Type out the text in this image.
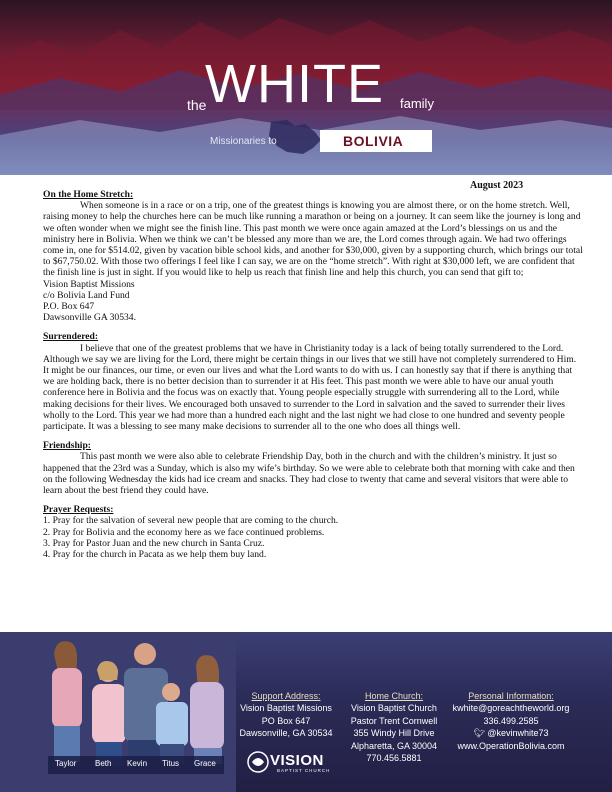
the
WHITE family
Missionaries to	BOLIVIA
August 2023

On the Home Stretch:

When someone is in a race or on a trip, one of the greatest things is knowing you are almost there, or on the home stretch. Well, raising money to help the churches here can be much like running a marathon or being on a journey. It can seem like the journey is long and we often wonder when we might see the finish line. This past month we were once again amazed at the Lord’s blessings on us and the ministry here in Bolivia. When we think we can’t be blessed any more than we are, the Lord comes through again. We had two offerings come in, one for $514.02, given by vacation bible school kids, and another for $30,000, given by a supporting church, which brings our total to $67,750.02. With those two offerings I feel like I can say, we are on the “home stretch”. With right at $30,000 left, we are confident that the finish line is just in sight. If you would like to help us reach that finish line and help this church, you can send that gift to;

Vision Baptist Missions

c/o Bolivia Land Fund

P.O. Box 647

Dawsonville GA 30534.

Surrendered:

I believe that one of the greatest problems that we have in Christianity today is a lack of being totally surrendered to the Lord. Although we say we are living for the Lord, there might be certain things in our lives that we still have not completely surrendered to Him. It might be our finances, our time, or even our lives and what the Lord wants to do with us. I can honestly say that if there is anything that we are holding back, there is no better decision than to surrender it at His feet. This past month we were able to have our anual youth conference here in Bolivia and the focus was on exactly that. Young people especially struggle with surrendering all to the Lord, while making decisions for their lives. We encouraged both unsaved to surrender to the Lord in salvation and the saved to surrender their lives wholly to the Lord. This year we had more than a hundred each night and the last night we had close to one hundred and seventy people participate. It was a blessing to see many make decisions to surrender all to the one who does all things well.

Friendship:

This past month we were also able to celebrate Friendship Day, both in the church and with the children’s ministry. It just so happened that the 23rd was a Sunday, which is also my wife’s birthday. So we were able to celebrate both that morning with cake and then on the following Wednesday the kids had ice cream and snacks. They had close to twenty that came and several visitors that were able to learn about the best friend they could have.

Prayer Requests:

1. Pray for the salvation of several new people that are coming to the church.

2. Pray for Bolivia and the economy here as we face continued problems.

3. Pray for Pastor Juan and the new church in Santa Cruz.

4. Pray for the church in Pacata as we help them buy land.

Taylor Beth Kevin Titus Grace
Support Address:
Vision Baptist Missions
PO Box 647
Dawsonville, GA 30534
Home Church:
Vision Baptist Church
Pastor Trent Cornwell
355 Windy Hill Drive
Alpharetta, GA 30004
770.456.5881
Personal Information:
kwhite@goreachtheworld.org
336.499.2585
🐦︎ @kevinwhite73
www.OperationBolivia.com
VISION
BAPTIST CHURCH
